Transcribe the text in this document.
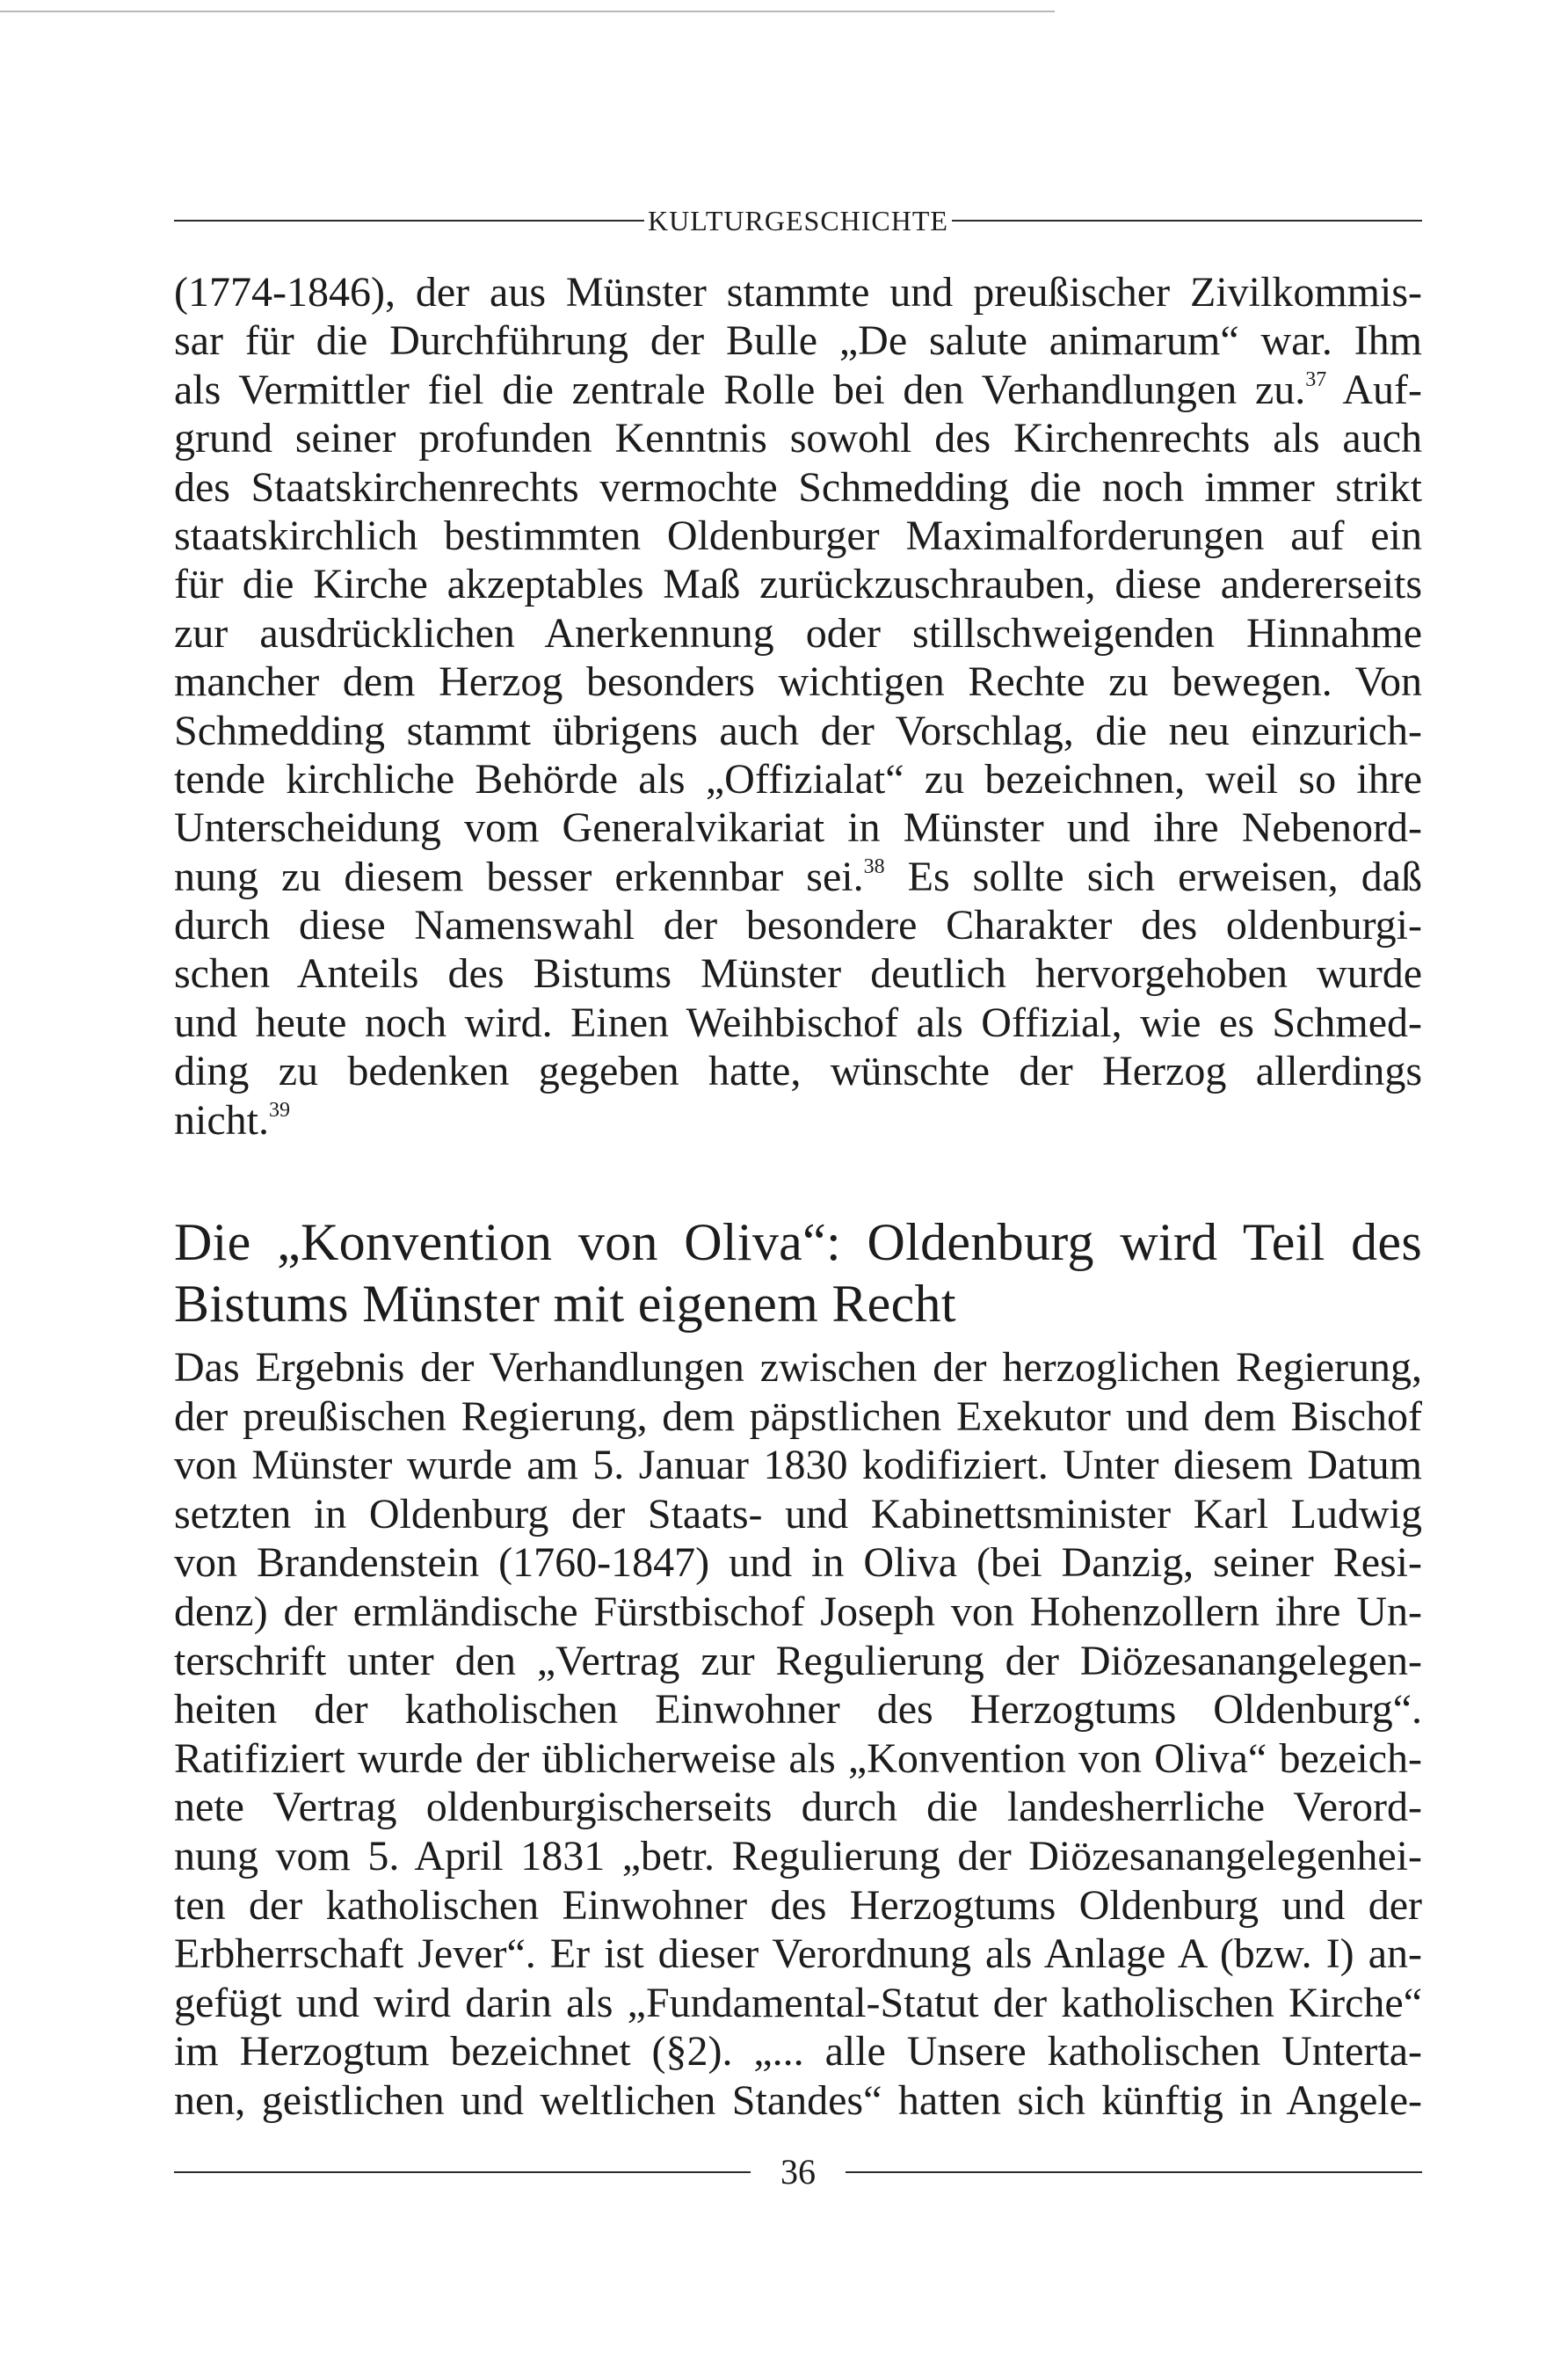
KULTURGESCHICHTE
(1774-1846), der aus Münster stammte und preußischer Zivilkommis-
sar für die Durchführung der Bulle „De salute animarum“ war. Ihm
als Vermittler fiel die zentrale Rolle bei den Verhandlungen zu.$^{37}$ Auf-
grund seiner profunden Kenntnis sowohl des Kirchenrechts als auch
des Staatskirchenrechts vermochte Schmedding die noch immer strikt
staatskirchlich bestimmten Oldenburger Maximalforderungen auf ein
für die Kirche akzeptables Maß zurückzuschrauben, diese andererseits
zur ausdrücklichen Anerkennung oder stillschweigenden Hinnahme
mancher dem Herzog besonders wichtigen Rechte zu bewegen. Von
Schmedding stammt übrigens auch der Vorschlag, die neu einzurich-
tende kirchliche Behörde als „Offizialat“ zu bezeichnen, weil so ihre
Unterscheidung vom Generalvikariat in Münster und ihre Nebenord-
nung zu diesem besser erkennbar sei.$^{38}$ Es sollte sich erweisen, daß
durch diese Namenswahl der besondere Charakter des oldenburgi-
schen Anteils des Bistums Münster deutlich hervorgehoben wurde
und heute noch wird. Einen Weihbischof als Offizial, wie es Schmed-
ding zu bedenken gegeben hatte, wünschte der Herzog allerdings
nicht.$^{39}$
Die „Konvention von Oliva“: Oldenburg wird Teil des
Bistums Münster mit eigenem Recht
Das Ergebnis der Verhandlungen zwischen der herzoglichen Regierung,
der preußischen Regierung, dem päpstlichen Exekutor und dem Bischof
von Münster wurde am 5. Januar 1830 kodifiziert. Unter diesem Datum
setzten in Oldenburg der Staats- und Kabinettsminister Karl Ludwig
von Brandenstein (1760-1847) und in Oliva (bei Danzig, seiner Resi-
denz) der ermländische Fürstbischof Joseph von Hohenzollern ihre Un-
terschrift unter den „Vertrag zur Regulierung der Diözesanangelegen-
heiten der katholischen Einwohner des Herzogtums Oldenburg“.
Ratifiziert wurde der üblicherweise als „Konvention von Oliva“ bezeich-
nete Vertrag oldenburgischerseits durch die landesherrliche Verord-
nung vom 5. April 1831 „betr. Regulierung der Diözesanangelegenhei-
ten der katholischen Einwohner des Herzogtums Oldenburg und der
Erbherrschaft Jever“. Er ist dieser Verordnung als Anlage A (bzw. I) an-
gefügt und wird darin als „Fundamental-Statut der katholischen Kirche“
im Herzogtum bezeichnet (§2). „... alle Unsere katholischen Unterta-
nen, geistlichen und weltlichen Standes“ hatten sich künftig in Angele-
36
